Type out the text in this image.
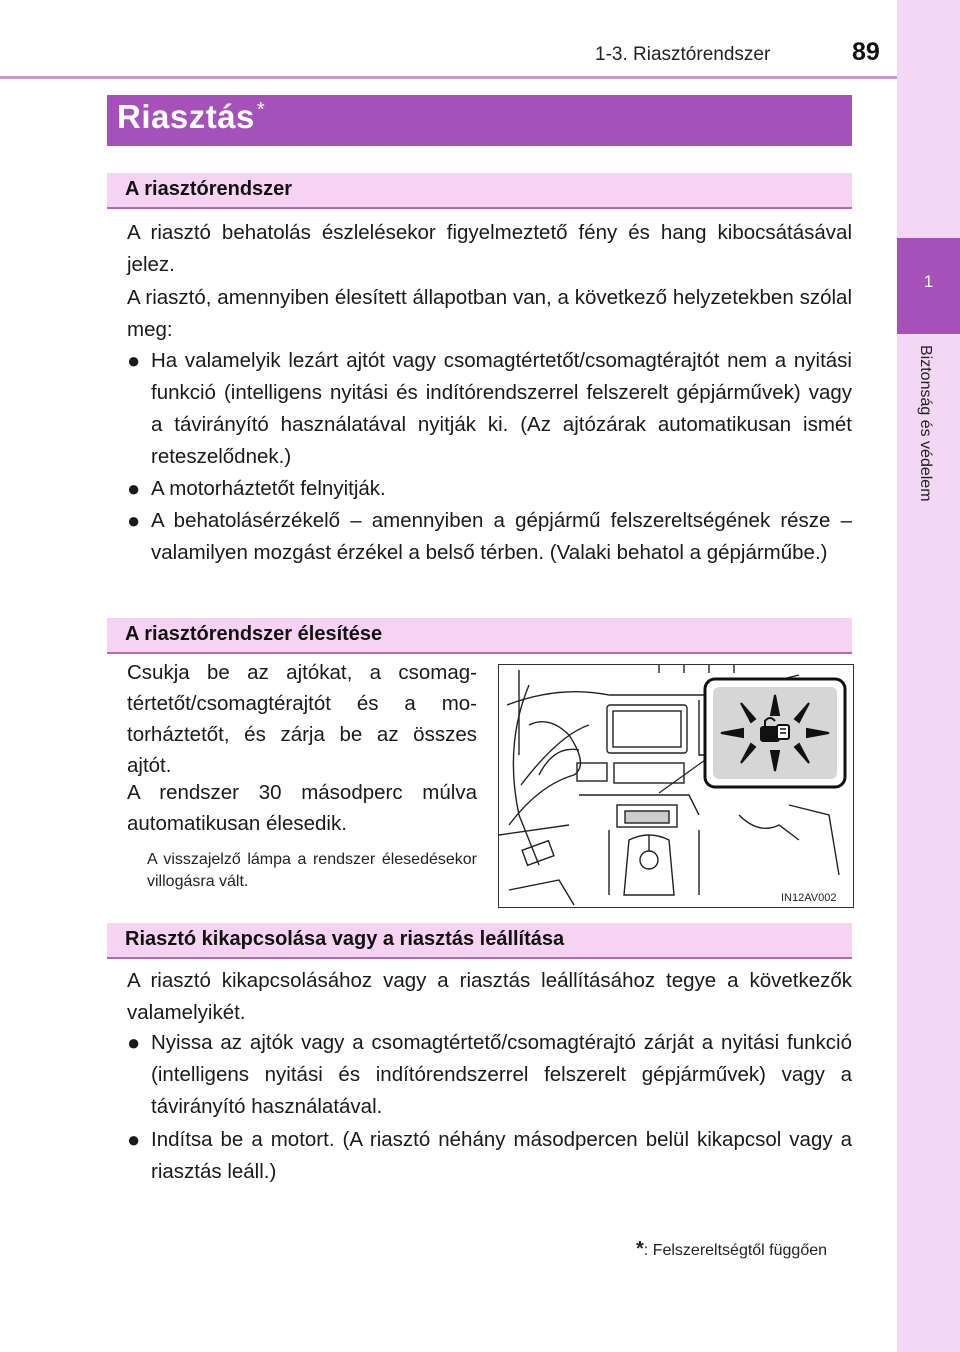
1-3. Riasztórendszer	89
1
Biztonság és védelem
Riasztás *
A riasztórendszer
A riasztó behatolás észlelésekor figyelmeztető fény és hang kibocsátásával jelez.
A riasztó, amennyiben élesített állapotban van, a következő helyzetekben szólal meg:
● Ha valamelyik lezárt ajtót vagy csomagtértetőt/csomagtérajtót nem a nyitási funkció (intelligens nyitási és indítórendszerrel felszerelt gépjárművek) vagy a távirányító használatával nyitják ki. (Az ajtózárak automatikusan ismét reteszelődnek.)
● A motorháztetőt felnyitják.
● A behatolásérzékelő – amennyiben a gépjármű felszereltségének része – valamilyen mozgást érzékel a belső térben. (Valaki behatol a gépjárműbe.)
A riasztórendszer élesítése
Csukja be az ajtókat, a csomagtértetőt/csomagtérajtót és a motorháztetőt, és zárja be az összes ajtót.
A rendszer 30 másodperc múlva automatikusan élesedik.
A visszajelző lámpa a rendszer élesedésekor villogásra vált.
IN12AV002
Riasztó kikapcsolása vagy a riasztás leállítása
A riasztó kikapcsolásához vagy a riasztás leállításához tegye a következők valamelyikét.
● Nyissa az ajtók vagy a csomagtértető/csomagtérajtó zárját a nyitási funkció (intelligens nyitási és indítórendszerrel felszerelt gépjárművek) vagy a távirányító használatával.
● Indítsa be a motort. (A riasztó néhány másodpercen belül kikapcsol vagy a riasztás leáll.)
*: Felszereltségtől függően
